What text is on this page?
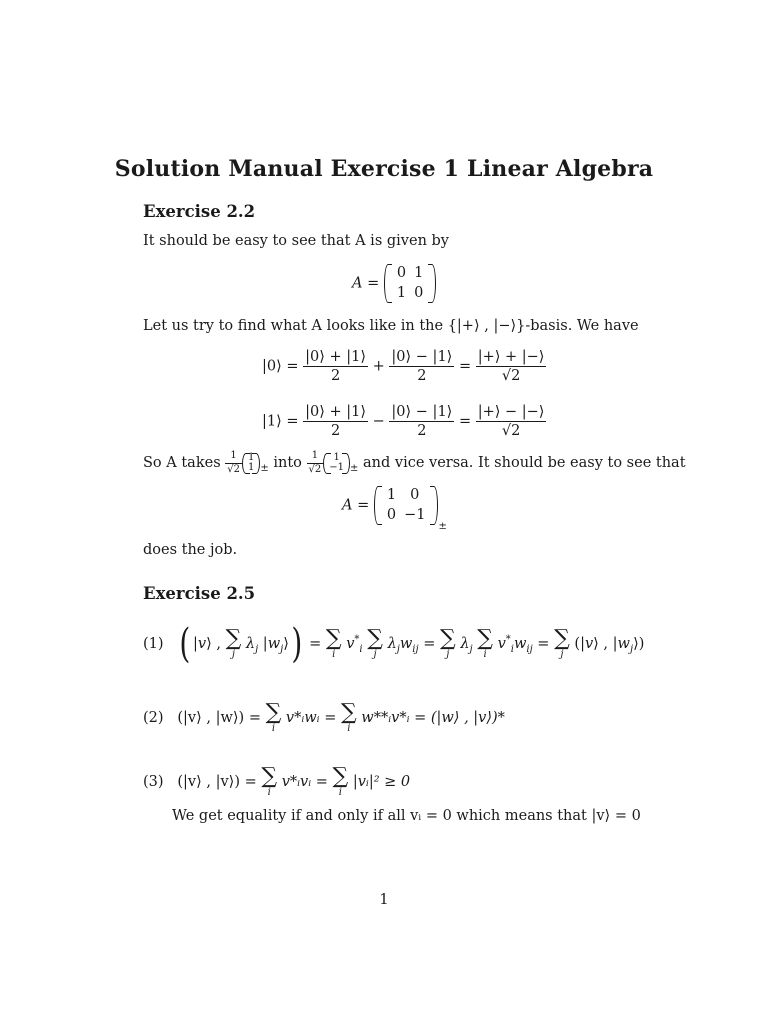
Solution Manual Exercise 1 Linear Algebra
Exercise 2.2
It should be easy to see that A is given by
A =
0	1
1	0
Let us try to find what A looks like in the {|+⟩ , |−⟩}-basis. We have
|0⟩ = $\frac{|0⟩ + |1⟩}{2} + \frac{|0⟩ - |1⟩}{2} = \frac{|+⟩ + |-⟩}{√2}$
|1⟩ = $\frac{|0⟩ + |1⟩}{2} - \frac{|0⟩ - |1⟩}{2} = \frac{|+⟩ - |-⟩}{√2}$
So A takes $\frac{1}{√2} 1$
1 $_\pm$ into $\frac{1}{√2} 1$
−1 $_\pm$ and vice versa. It should be easy to see that
A =
1	0
0	−1
$_\pm$
does the job.
Exercise 2.5
(1) ( |v⟩ , ∑
j
$\lambda_j$ $|w_j⟩$) = ∑
i
$v^*_i$ ∑
j
$\lambda_jw_{ij}$ = ∑
j
$\lambda_j$ ∑
i
$v^*_iw_{ij}$ = ∑
j
(|v⟩ , $|w_j⟩$)
(2) (|v⟩ , |w⟩) = ∑
i
v*ᵢwᵢ = ∑
i
w**ᵢv*ᵢ = (|w⟩ , |v⟩)*
(3) (|v⟩ , |v⟩) = ∑
i
v*ᵢvᵢ = ∑
i
|vᵢ|² ≥ 0
We get equality if and only if all vᵢ = 0 which means that |v⟩ = 0
1
